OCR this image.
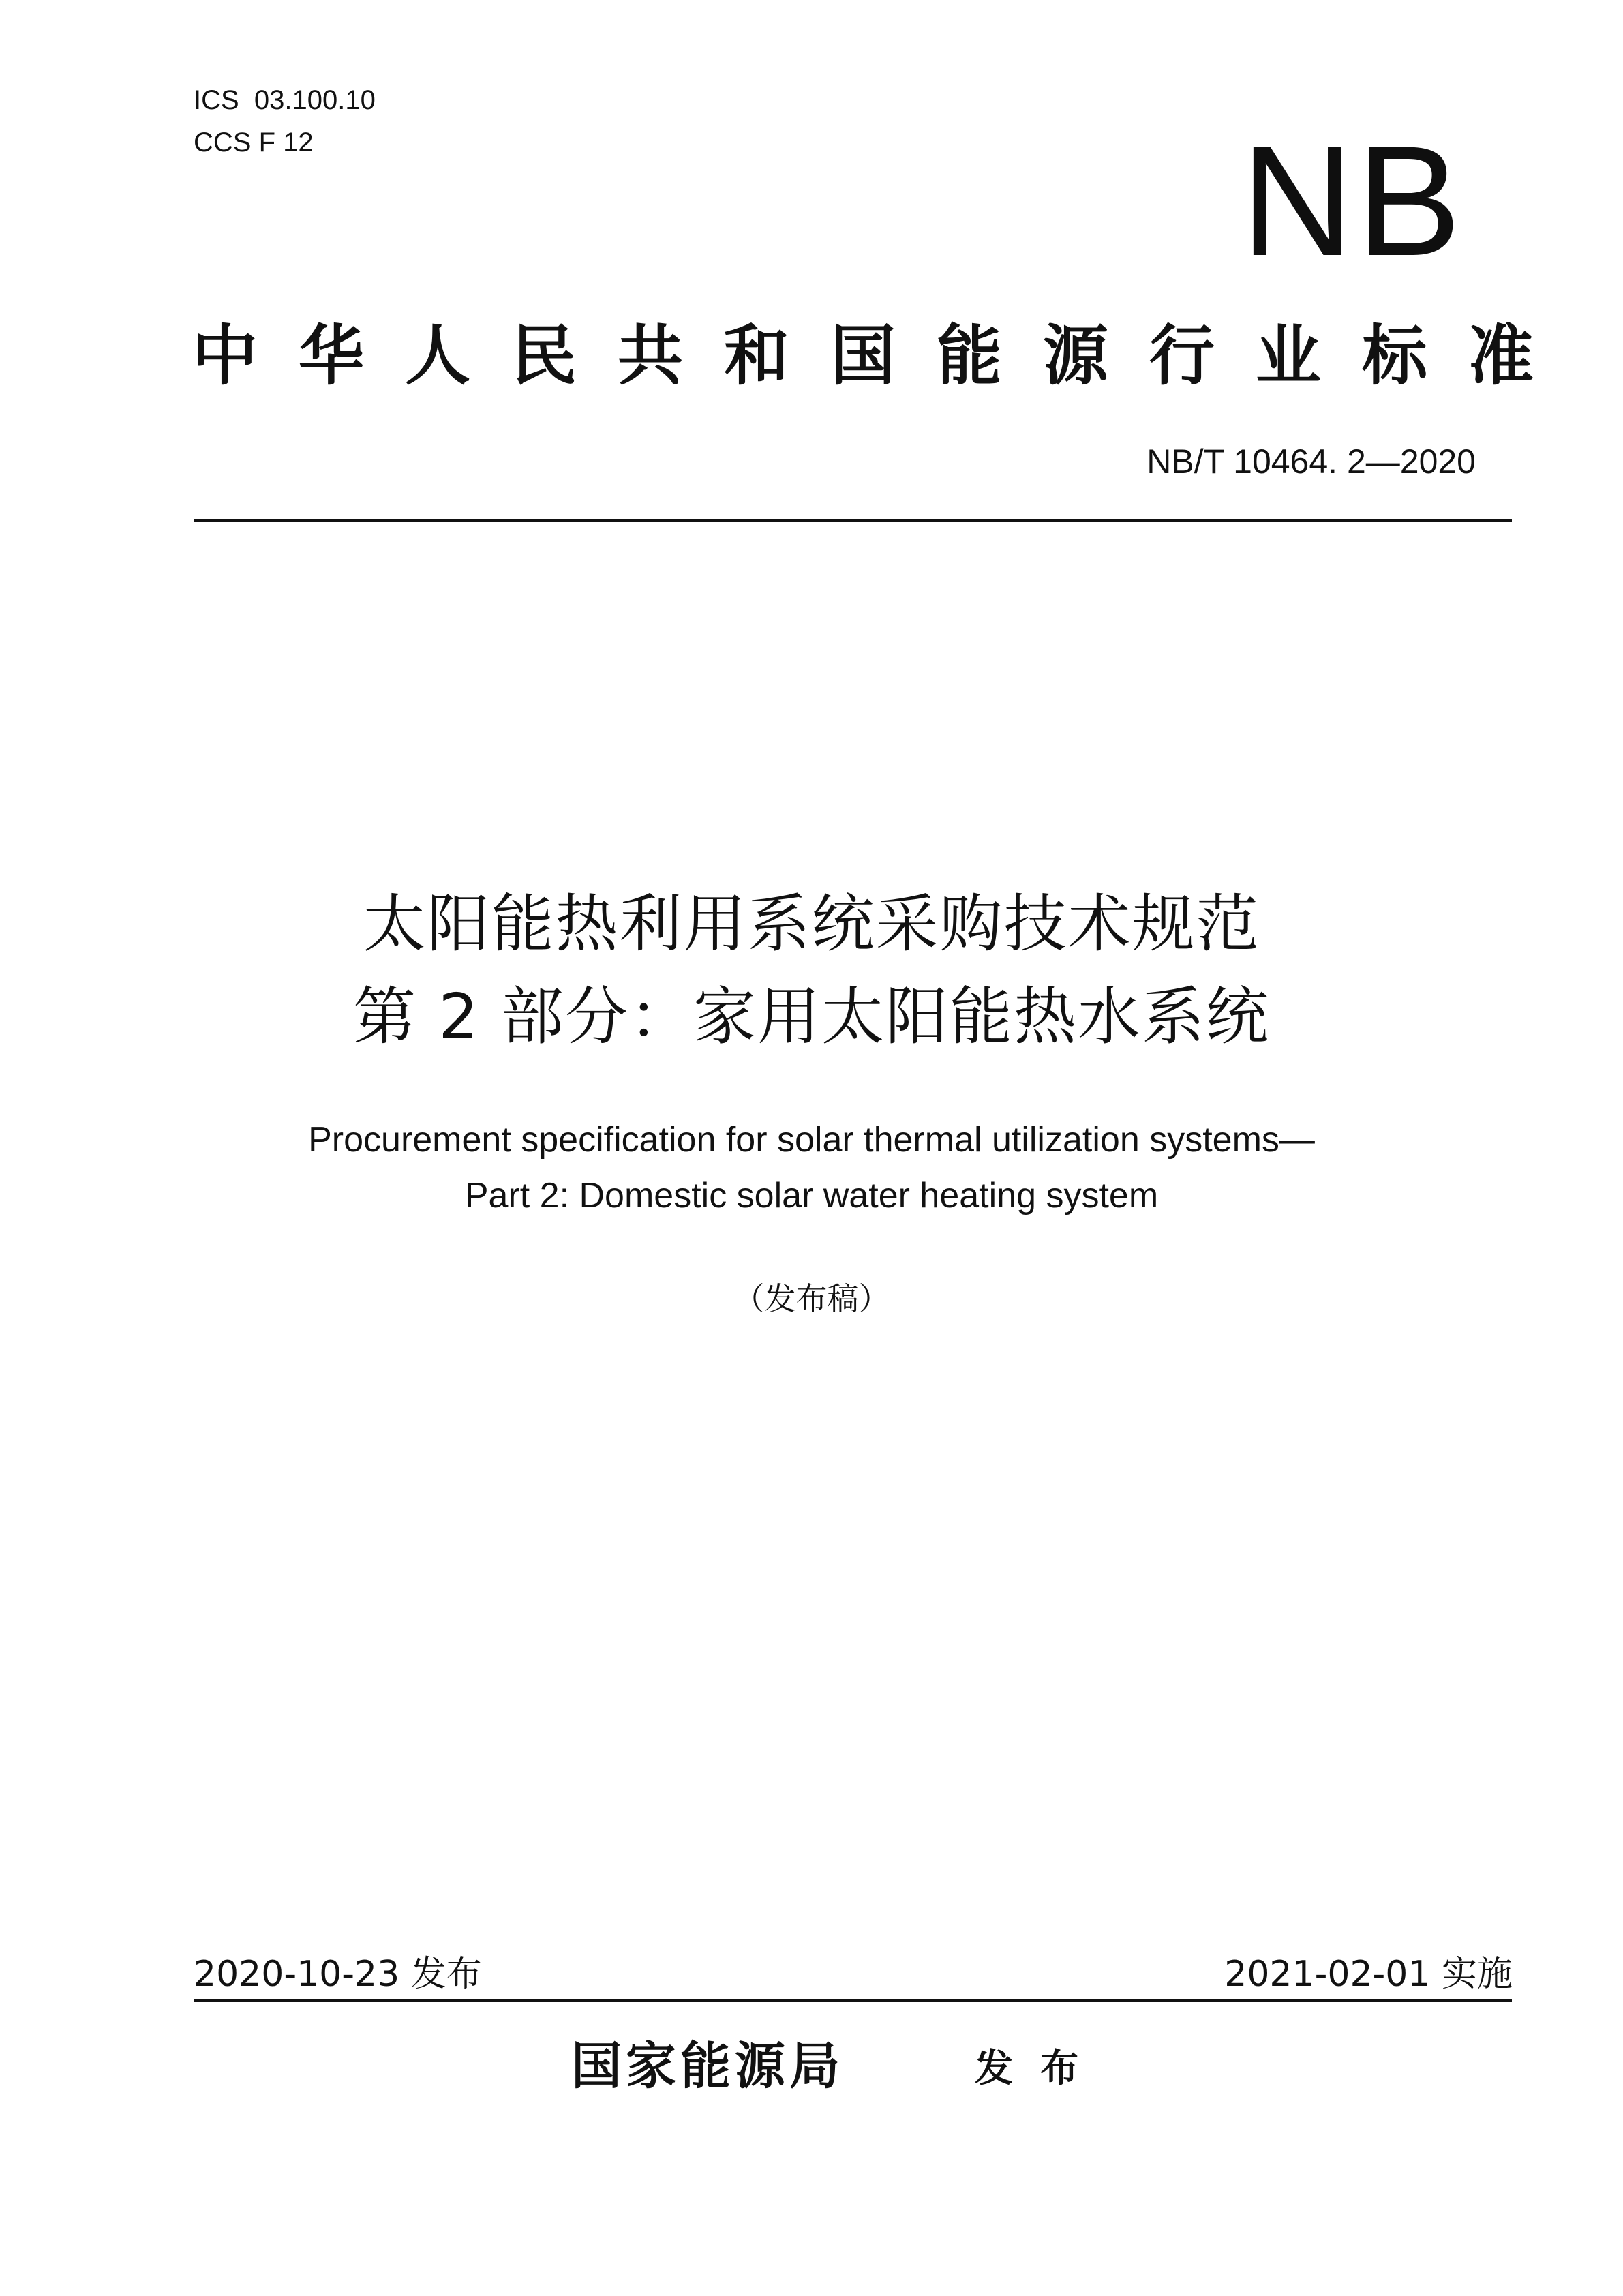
ICS  03.100.10
CCS F 12	NB
中华人民共和国能源行业标准
NB/T 10464. 2—2020
太阳能热利用系统采购技术规范
第 2 部分：家用太阳能热水系统
Procurement specification for solar thermal utilization systems—
Part 2: Domestic solar water heating system
（发布稿）
2020-10-23 发布	2021-02-01 实施
国家能源局	发布
